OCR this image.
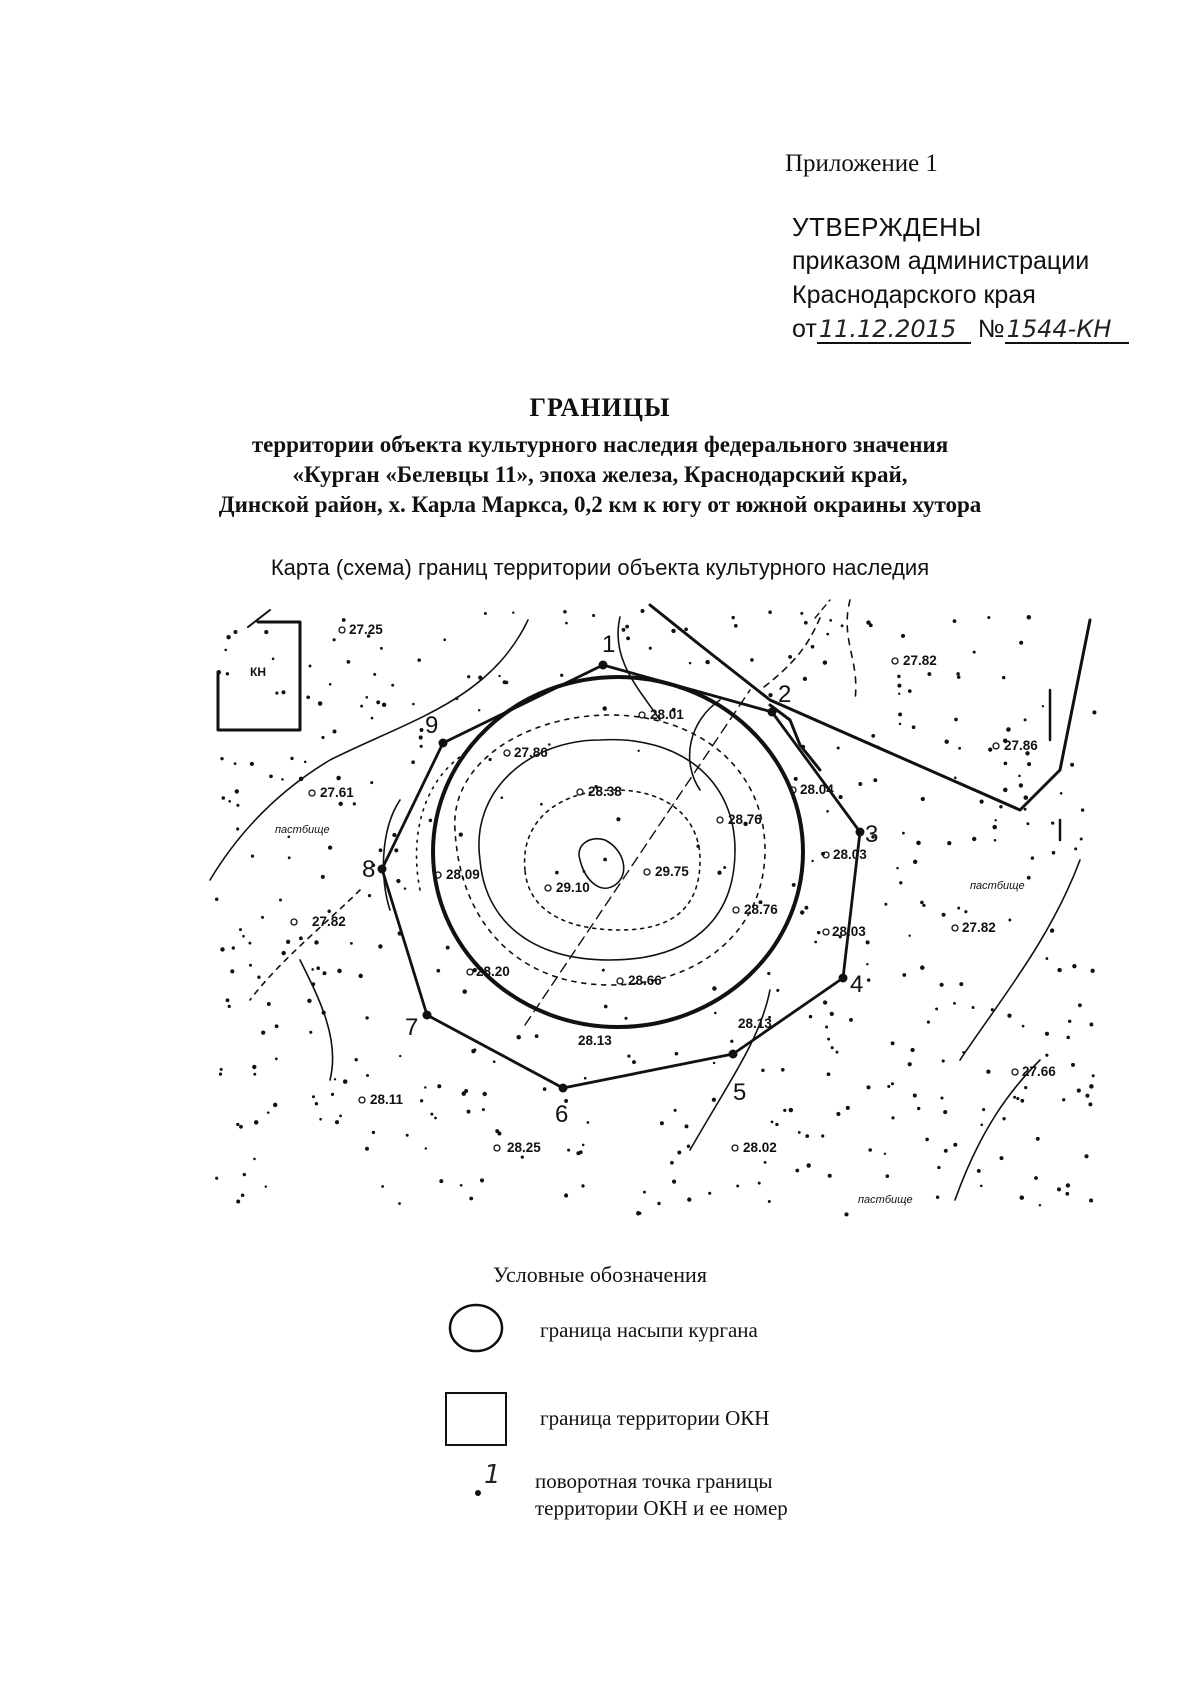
Приложение 1
УТВЕРЖДЕНЫ
приказом администрации
Краснодарского края
от11.12.2015 №1544-КН
ГРАНИЦЫ
территории объекта культурного наследия федерального значения
«Курган «Белевцы 11», эпоха железа, Краснодарский край,
Динской район, х. Карла Маркса, 0,2 км к югу от южной окраины хутора
Карта (схема) границ территории объекта культурного наследия
КН
1
2
3
4
5
6
7
8
9
27.25
27.82
27.86
27.61
28.01
27.86
28.38
28.76
28.04
28.03
28.09
29.10
29.75
28.76
28.03
27.82	27.82
28.20
28.66
28.13
28.13
27.66
28.11
28.25	28.02
пастбище
пастбище
пастбище
Условные обозначения
граница насыпи кургана
граница территории ОКН
1 поворотная точка границы
территории ОКН и ее номер
